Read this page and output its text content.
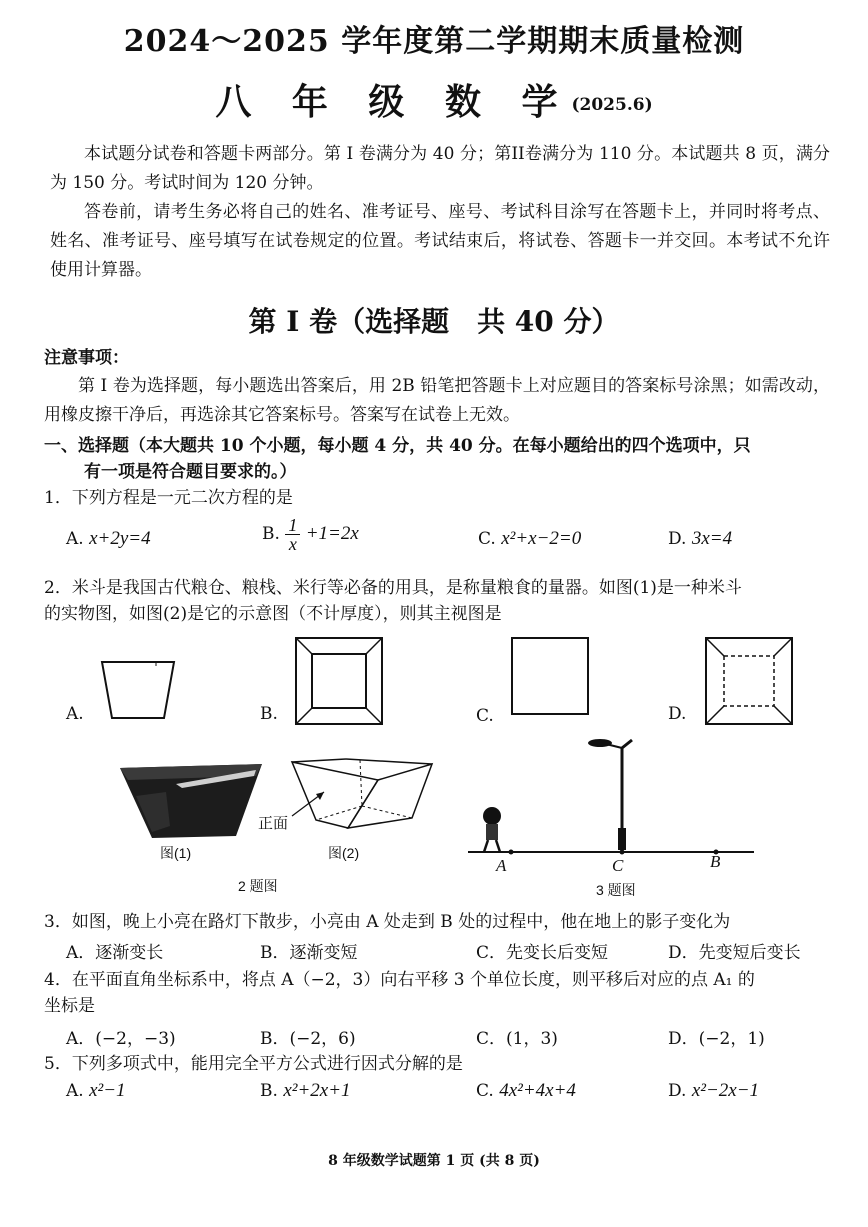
2024～2025 学年度第二学期期末质量检测
八 年 级 数 学(2025.6)
本试题分试卷和答题卡两部分。第 I 卷满分为 40 分；第II卷满分为 110 分。本试题共 8 页，满分为 150 分。考试时间为 120 分钟。
答卷前，请考生务必将自己的姓名、准考证号、座号、考试科目涂写在答题卡上，并同时将考点、姓名、准考证号、座号填写在试卷规定的位置。考试结束后，将试卷、答题卡一并交回。本考试不允许使用计算器。
第 I 卷（选择题　共 40 分）
注意事项：
第 I 卷为选择题，每小题选出答案后，用 2B 铅笔把答题卡上对应题目的答案标号涂黑；如需改动，用橡皮擦干净后，再选涂其它答案标号。答案写在试卷上无效。
一、选择题（本大题共 10 个小题，每小题 4 分，共 40 分。在每小题给出的四个选项中，只
有一项是符合题目要求的。）
1．下列方程是一元二次方程的是
A. x+2y=4	B. $\frac{1}{x} +1=2x$	C. x²+x−2=0	D. 3x=4
2．米斗是我国古代粮仓、粮栈、米行等必备的用具，是称量粮食的量器。如图(1)是一种米斗
的实物图，如图(2)是它的示意图（不计厚度），则其主视图是
A.	B.	C.	D.
图(1)
正面
图(2)
2 题图
A	C	B
3 题图
3．如图，晚上小亮在路灯下散步，小亮由 A 处走到 B 处的过程中，他在地上的影子变化为
A．逐渐变长	B．逐渐变短	C．先变长后变短	D．先变短后变长
4．在平面直角坐标系中，将点 A（−2，3）向右平移 3 个单位长度，则平移后对应的点 A₁ 的
坐标是
A．(−2，−3)	B．(−2，6)	C．(1，3)	D．(−2，1)
5．下列多项式中，能用完全平方公式进行因式分解的是
A. x²−1	B. x²+2x+1	C. 4x²+4x+4	D. x²−2x−1
8 年级数学试题第 1 页 (共 8 页)
